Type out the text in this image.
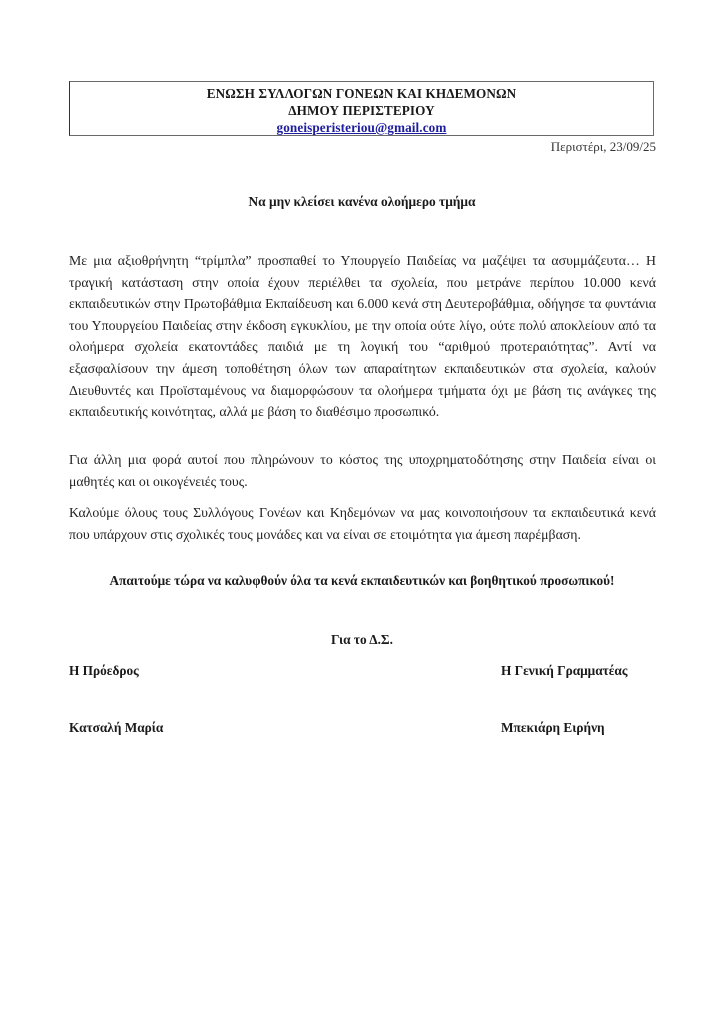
ΕΝΩΣΗ ΣΥΛΛΟΓΩΝ ΓΟΝΕΩΝ ΚΑΙ ΚΗΔΕΜΟΝΩΝ
ΔΗΜΟΥ ΠΕΡΙΣΤΕΡΙΟΥ
goneisperisteriou@gmail.com
Περιστέρι, 23/09/25
Να μην κλείσει κανένα ολοήμερο τμήμα
Με μια αξιοθρήνητη “τρίμπλα” προσπαθεί το Υπουργείο Παιδείας να μαζέψει τα ασυμμάζευτα… Η τραγική κατάσταση στην οποία έχουν περιέλθει τα σχολεία, που μετράνε περίπου 10.000 κενά εκπαιδευτικών στην Πρωτοβάθμια Εκπαίδευση και 6.000 κενά στη Δευτεροβάθμια, οδήγησε τα φυντάνια του Υπουργείου Παιδείας στην έκδοση εγκυκλίου, με την οποία ούτε λίγο, ούτε πολύ αποκλείουν από τα ολοήμερα σχολεία εκατοντάδες παιδιά με τη λογική του “αριθμού προτεραιότητας”. Αντί να εξασφαλίσουν την άμεση τοποθέτηση όλων των απαραίτητων εκπαιδευτικών στα σχολεία, καλούν Διευθυντές και Προϊσταμένους να διαμορφώσουν τα ολοήμερα τμήματα όχι με βάση τις ανάγκες της εκπαιδευτικής κοινότητας, αλλά με βάση το διαθέσιμο προσωπικό.
Για άλλη μια φορά αυτοί που πληρώνουν το κόστος της υποχρηματοδότησης στην Παιδεία είναι οι μαθητές και οι οικογένειές τους.
Καλούμε όλους τους Συλλόγους Γονέων και Κηδεμόνων να μας κοινοποιήσουν τα εκπαιδευτικά κενά που υπάρχουν στις σχολικές τους μονάδες και να είναι σε ετοιμότητα για άμεση παρέμβαση.
Απαιτούμε τώρα να καλυφθούν όλα τα κενά εκπαιδευτικών και βοηθητικού προσωπικού!
Για το Δ.Σ.
Η Πρόεδρος	Η Γενική Γραμματέας
Κατσαλή Μαρία	Μπεκιάρη Ειρήνη
